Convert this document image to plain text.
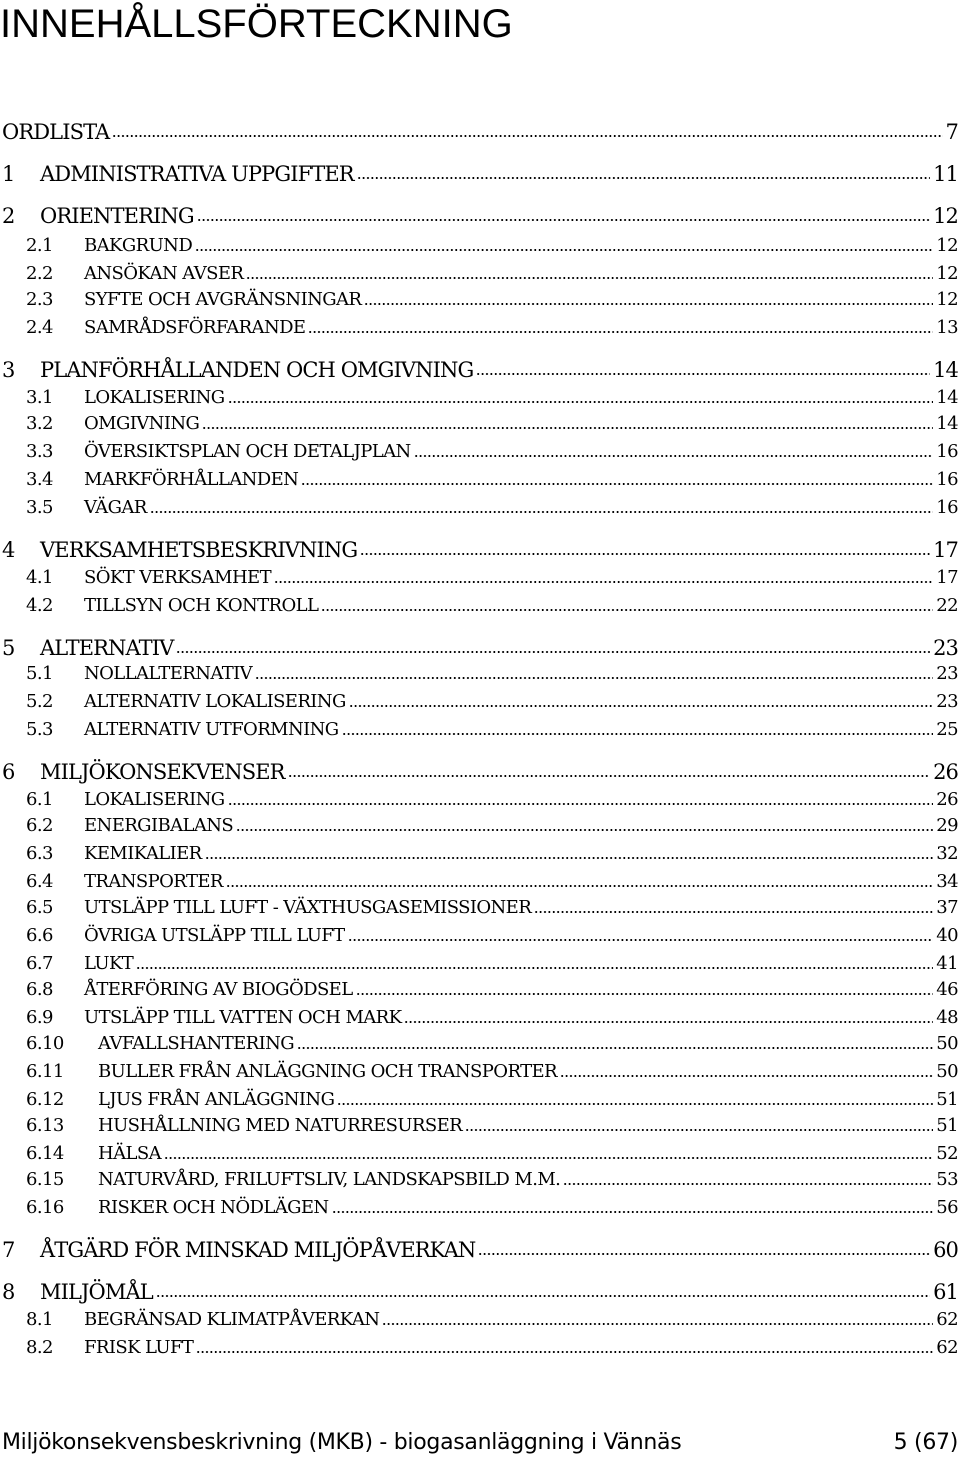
INNEHÅLLSFÖRTECKNING
ORDLISTA	7
1 ADMINISTRATIVA UPPGIFTER	11
2 ORIENTERING	12
2.1 BAKGRUND	12
2.2 ANSÖKAN AVSER	12
2.3 SYFTE OCH AVGRÄNSNINGAR	12
2.4 SAMRÅDSFÖRFARANDE	13
3 PLANFÖRHÅLLANDEN OCH OMGIVNING	14
3.1 LOKALISERING	14
3.2 OMGIVNING	14
3.3 ÖVERSIKTSPLAN OCH DETALJPLAN	16
3.4 MARKFÖRHÅLLANDEN	16
3.5 VÄGAR	16
4 VERKSAMHETSBESKRIVNING	17
4.1 SÖKT VERKSAMHET	17
4.2 TILLSYN OCH KONTROLL	22
5 ALTERNATIV	23
5.1 NOLLALTERNATIV	23
5.2 ALTERNATIV LOKALISERING	23
5.3 ALTERNATIV UTFORMNING	25
6 MILJÖKONSEKVENSER	26
6.1 LOKALISERING	26
6.2 ENERGIBALANS	29
6.3 KEMIKALIER	32
6.4 TRANSPORTER	34
6.5 UTSLÄPP TILL LUFT - VÄXTHUSGASEMISSIONER	37
6.6 ÖVRIGA UTSLÄPP TILL LUFT	40
6.7 LUKT	41
6.8 ÅTERFÖRING AV BIOGÖDSEL	46
6.9 UTSLÄPP TILL VATTEN OCH MARK	48
6.10 AVFALLSHANTERING	50
6.11 BULLER FRÅN ANLÄGGNING OCH TRANSPORTER	50
6.12 LJUS FRÅN ANLÄGGNING	51
6.13 HUSHÅLLNING MED NATURRESURSER	51
6.14 HÄLSA	52
6.15 NATURVÅRD, FRILUFTSLIV, LANDSKAPSBILD M.M.	53
6.16 RISKER OCH NÖDLÄGEN	56
7 ÅTGÄRD FÖR MINSKAD MILJÖPÅVERKAN	60
8 MILJÖMÅL	61
8.1 BEGRÄNSAD KLIMATPÅVERKAN	62
8.2 FRISK LUFT	62
Miljökonsekvensbeskrivning (MKB) - biogasanläggning i Vännäs	5 (67)
